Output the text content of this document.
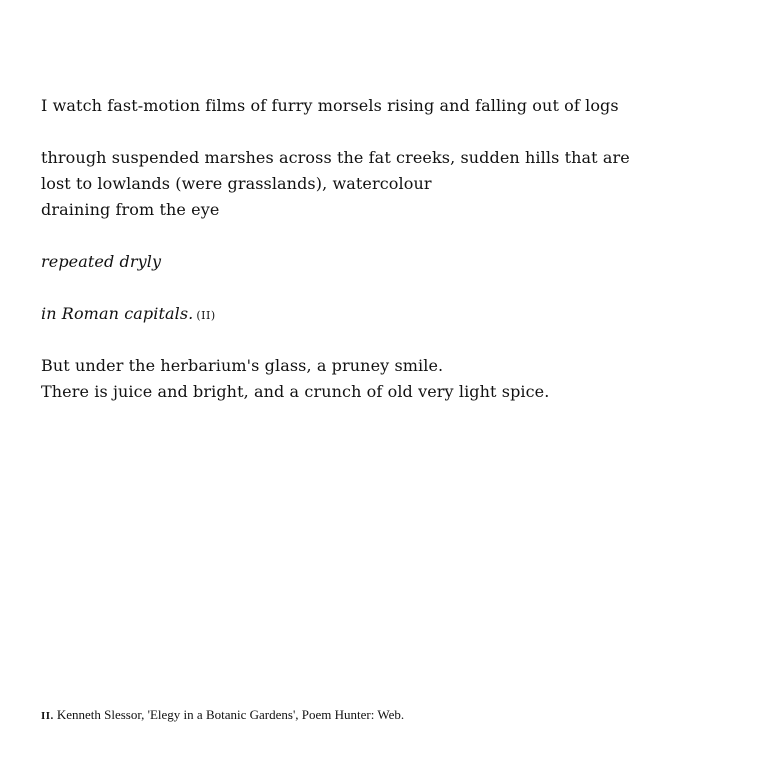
I watch fast-motion films of furry morsels rising and falling out of logs
through suspended marshes across the fat creeks, sudden hills that are
lost to lowlands (were grasslands), watercolour
draining from the eye
repeated dryly
in Roman capitals. (II)
But under the herbarium's glass, a pruney smile.
There is juice and bright, and a crunch of old very light spice.
II. Kenneth Slessor, 'Elegy in a Botanic Gardens', Poem Hunter: Web.
